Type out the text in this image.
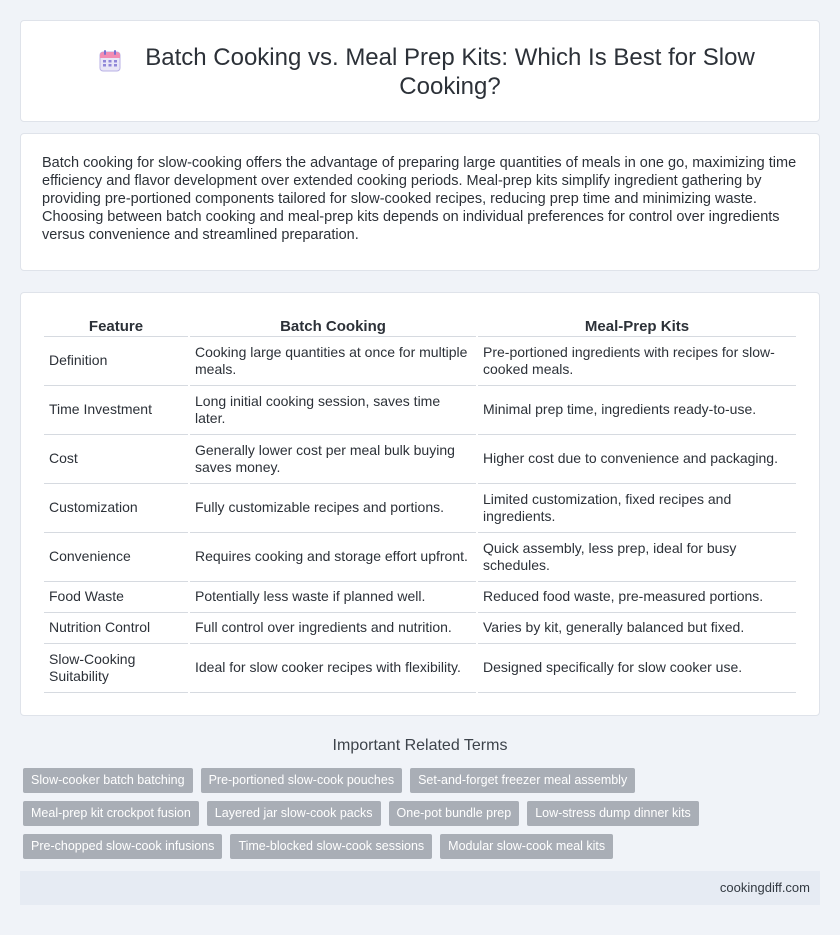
Batch Cooking vs. Meal Prep Kits: Which Is Best for Slow Cooking?

Batch cooking for slow-cooking offers the advantage of preparing large quantities of meals in one go, maximizing time efficiency and flavor development over extended cooking periods. Meal-prep kits simplify ingredient gathering by providing pre-portioned components tailored for slow-cooked recipes, reducing prep time and minimizing waste. Choosing between batch cooking and meal-prep kits depends on individual preferences for control over ingredients versus convenience and streamlined preparation.

Feature	Batch Cooking	Meal-Prep Kits
Definition	Cooking large quantities at once for multiple meals.	Pre-portioned ingredients with recipes for slow-cooked meals.
Time Investment	Long initial cooking session, saves time later.	Minimal prep time, ingredients ready-to-use.
Cost	Generally lower cost per meal bulk buying saves money.	Higher cost due to convenience and packaging.
Customization	Fully customizable recipes and portions.	Limited customization, fixed recipes and ingredients.
Convenience	Requires cooking and storage effort upfront.	Quick assembly, less prep, ideal for busy schedules.
Food Waste	Potentially less waste if planned well.	Reduced food waste, pre-measured portions.
Nutrition Control	Full control over ingredients and nutrition.	Varies by kit, generally balanced but fixed.
Slow-Cooking Suitability	Ideal for slow cooker recipes with flexibility.	Designed specifically for slow cooker use.
Important Related Terms
Slow-cooker batch batching	Pre-portioned slow-cook pouches	Set-and-forget freezer meal assembly
Meal-prep kit crockpot fusion	Layered jar slow-cook packs	One-pot bundle prep	Low-stress dump dinner kits
Pre-chopped slow-cook infusions	Time-blocked slow-cook sessions	Modular slow-cook meal kits
cookingdiff.com
